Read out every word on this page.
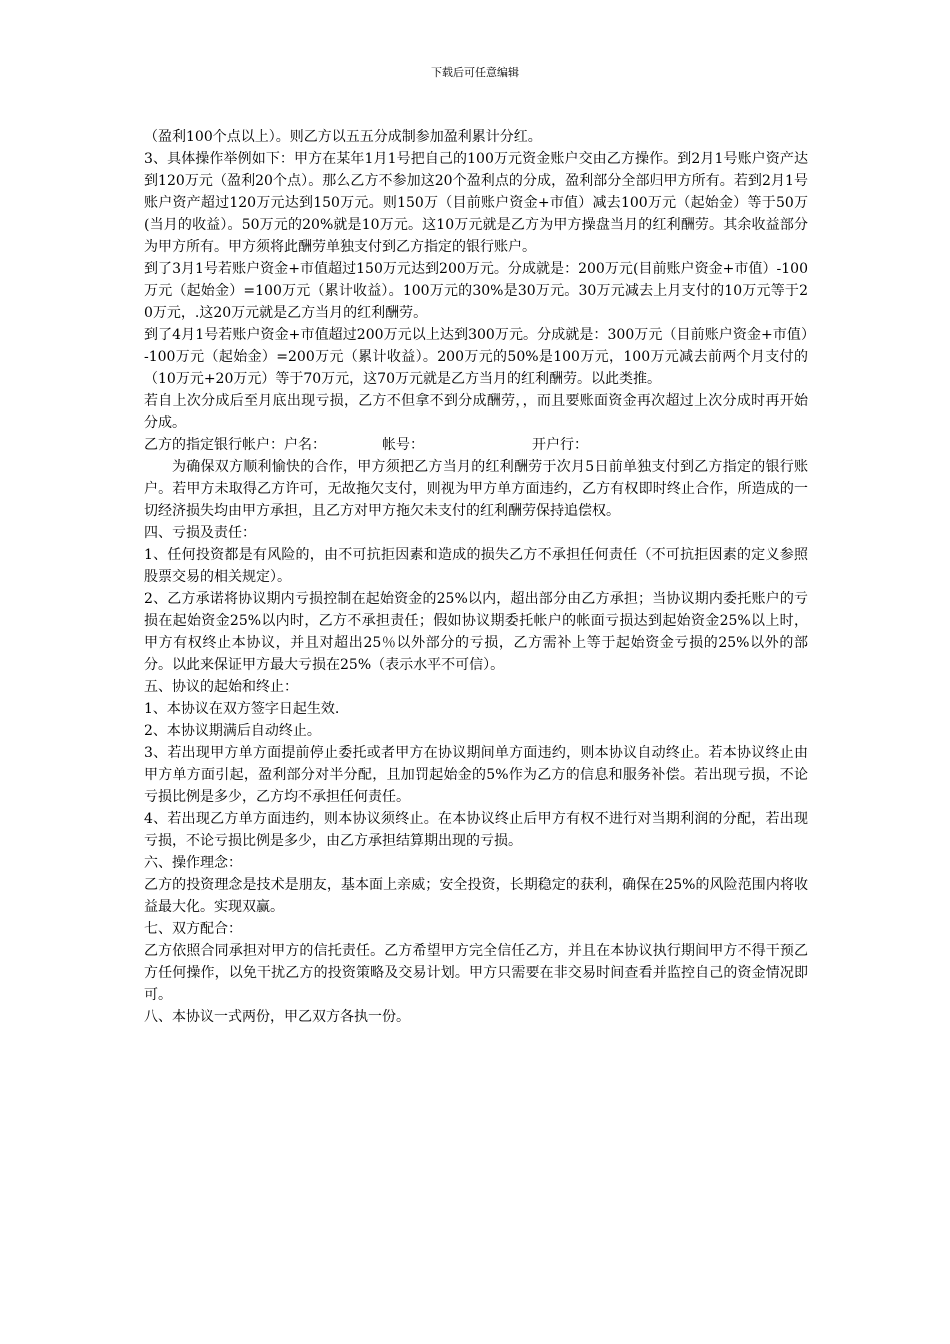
下载后可任意编辑

（盈利100个点以上）。则乙方以五五分成制参加盈利累计分红。

3、具体操作举例如下：甲方在某年1月1号把自己的100万元资金账户交由乙方操作。到2月1号账户资产达到120万元（盈利20个点）。那么乙方不参加这20个盈利点的分成，盈利部分全部归甲方所有。若到2月1号账户资产超过120万元达到150万元。则150万（目前账户资金+市值）减去100万元（起始金）等于50万(当月的收益）。50万元的20%就是10万元。这10万元就是乙方为甲方操盘当月的红利酬劳。其余收益部分为甲方所有。甲方须将此酬劳单独支付到乙方指定的银行账户。

到了3月1号若账户资金+市值超过150万元达到200万元。分成就是：200万元(目前账户资金+市值）-100万元（起始金）=100万元（累计收益）。100万元的30%是30万元。30万元减去上月支付的10万元等于20万元，.这20万元就是乙方当月的红利酬劳。

到了4月1号若账户资金+市值超过200万元以上达到300万元。分成就是：300万元（目前账户资金+市值）-100万元（起始金）=200万元（累计收益）。200万元的50%是100万元，100万元减去前两个月支付的（10万元+20万元）等于70万元，这70万元就是乙方当月的红利酬劳。以此类推。

若自上次分成后至月底出现亏损，乙方不但拿不到分成酬劳，，而且要账面资金再次超过上次分成时再开始分成。

乙方的指定银行帐户：户名：	帐号：	开户行：

为确保双方顺利愉快的合作，甲方须把乙方当月的红利酬劳于次月5日前单独支付到乙方指定的银行账户。若甲方未取得乙方许可，无故拖欠支付，则视为甲方单方面违约，乙方有权即时终止合作，所造成的一切经济损失均由甲方承担，且乙方对甲方拖欠未支付的红利酬劳保持追偿权。

四、亏损及责任：

1、任何投资都是有风险的，由不可抗拒因素和造成的损失乙方不承担任何责任（不可抗拒因素的定义参照股票交易的相关规定）。

2、乙方承诺将协议期内亏损控制在起始资金的25%以内，超出部分由乙方承担；当协议期内委托账户的亏损在起始资金25%以内时，乙方不承担责任；假如协议期委托帐户的帐面亏损达到起始资金25%以上时，甲方有权终止本协议，并且对超出25％以外部分的亏损，乙方需补上等于起始资金亏损的25%以外的部分。以此来保证甲方最大亏损在25%（表示水平不可信）。

五、协议的起始和终止：

1、本协议在双方签字日起生效.

2、本协议期满后自动终止。

3、若出现甲方单方面提前停止委托或者甲方在协议期间单方面违约，则本协议自动终止。若本协议终止由甲方单方面引起，盈利部分对半分配，且加罚起始金的5%作为乙方的信息和服务补偿。若出现亏损，不论亏损比例是多少，乙方均不承担任何责任。

4、若出现乙方单方面违约，则本协议须终止。在本协议终止后甲方有权不进行对当期利润的分配，若出现亏损，不论亏损比例是多少，由乙方承担结算期出现的亏损。

六、操作理念：

乙方的投资理念是技术是朋友，基本面上亲威；安全投资，长期稳定的获利，确保在25%的风险范围内将收益最大化。实现双赢。

七、双方配合：

乙方依照合同承担对甲方的信托责任。乙方希望甲方完全信任乙方，并且在本协议执行期间甲方不得干预乙方任何操作，以免干扰乙方的投资策略及交易计划。甲方只需要在非交易时间查看并监控自己的资金情况即可。

八、本协议一式两份，甲乙双方各执一份。
